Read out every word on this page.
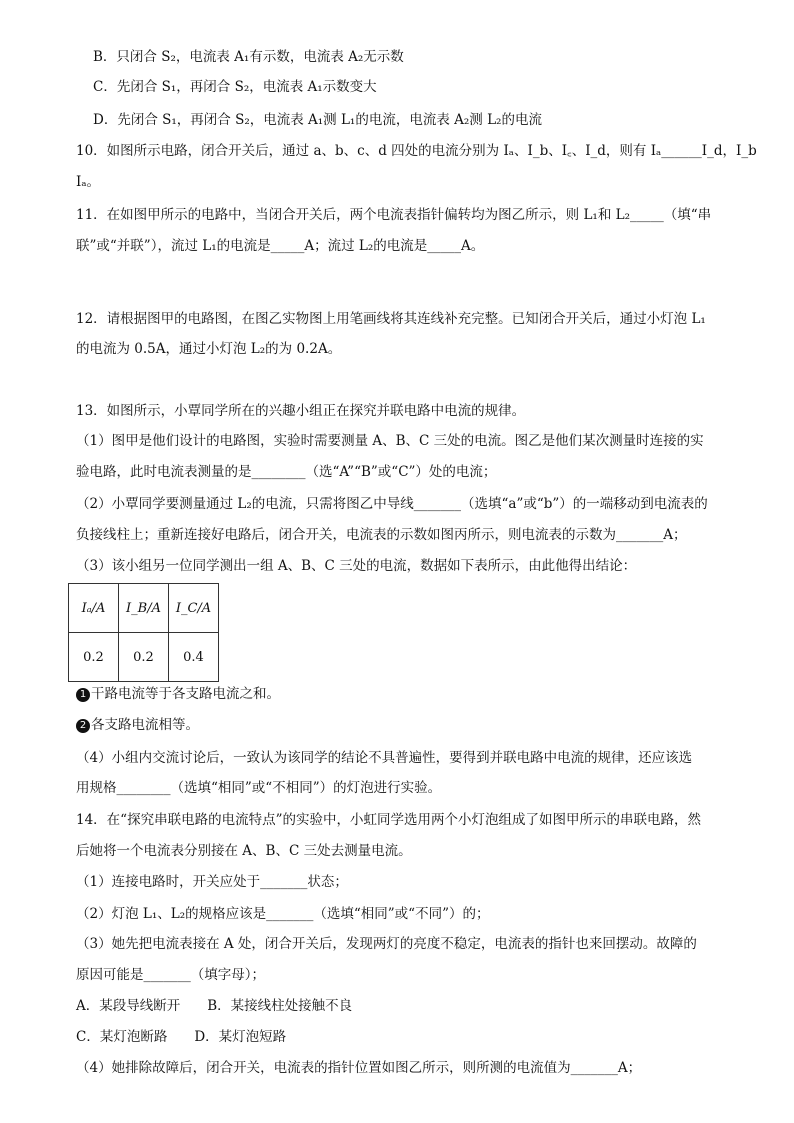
B．只闭合 S₂，电流表 A₁有示数，电流表 A₂无示数
C．先闭合 S₁，再闭合 S₂，电流表 A₁示数变大
D．先闭合 S₁，再闭合 S₂，电流表 A₁测 L₁的电流，电流表 A₂测 L₂的电流
10．如图所示电路，闭合开关后，通过 a、b、c、d 四处的电流分别为 Iₐ、I_b、I꜀、I_d，则有 Iₐ______I_d，I_b
Iₐ。
11．在如图甲所示的电路中，当闭合开关后，两个电流表指针偏转均为图乙所示，则 L₁和 L₂_____（填“串
联”或“并联”），流过 L₁的电流是_____A；流过 L₂的电流是_____A。
12．请根据图甲的电路图，在图乙实物图上用笔画线将其连线补充完整。已知闭合开关后，通过小灯泡 L₁
的电流为 0.5A，通过小灯泡 L₂的为 0.2A。
13．如图所示，小覃同学所在的兴趣小组正在探究并联电路中电流的规律。
（1）图甲是他们设计的电路图，实验时需要测量 A、B、C 三处的电流。图乙是他们某次测量时连接的实
验电路，此时电流表测量的是________（选“A”“B”或“C”）处的电流；
（2）小覃同学要测量通过 L₂的电流，只需将图乙中导线_______（选填“a”或“b”）的一端移动到电流表的
负接线柱上；重新连接好电路后，闭合开关，电流表的示数如图丙所示，则电流表的示数为_______A；
（3）该小组另一位同学测出一组 A、B、C 三处的电流，数据如下表所示，由此他得出结论：
Iₐ/A	I_B/A	I_C/A
0.2	0.2	0.4
1 干路电流等于各支路电流之和。
2 各支路电流相等。
（4）小组内交流讨论后，一致认为该同学的结论不具普遍性，要得到并联电路中电流的规律，还应该选
用规格________（选填“相同”或“不相同”）的灯泡进行实验。
14．在“探究串联电路的电流特点”的实验中，小虹同学选用两个小灯泡组成了如图甲所示的串联电路，然
后她将一个电流表分别接在 A、B、C 三处去测量电流。
（1）连接电路时，开关应处于_______状态；
（2）灯泡 L₁、L₂的规格应该是_______（选填“相同”或“不同”）的；
（3）她先把电流表接在 A 处，闭合开关后，发现两灯的亮度不稳定，电流表的指针也来回摆动。故障的
原因可能是_______（填字母）；
A．某段导线断开　　B．某接线柱处接触不良
C．某灯泡断路　　D．某灯泡短路
（4）她排除故障后，闭合开关，电流表的指针位置如图乙所示，则所测的电流值为_______A；
